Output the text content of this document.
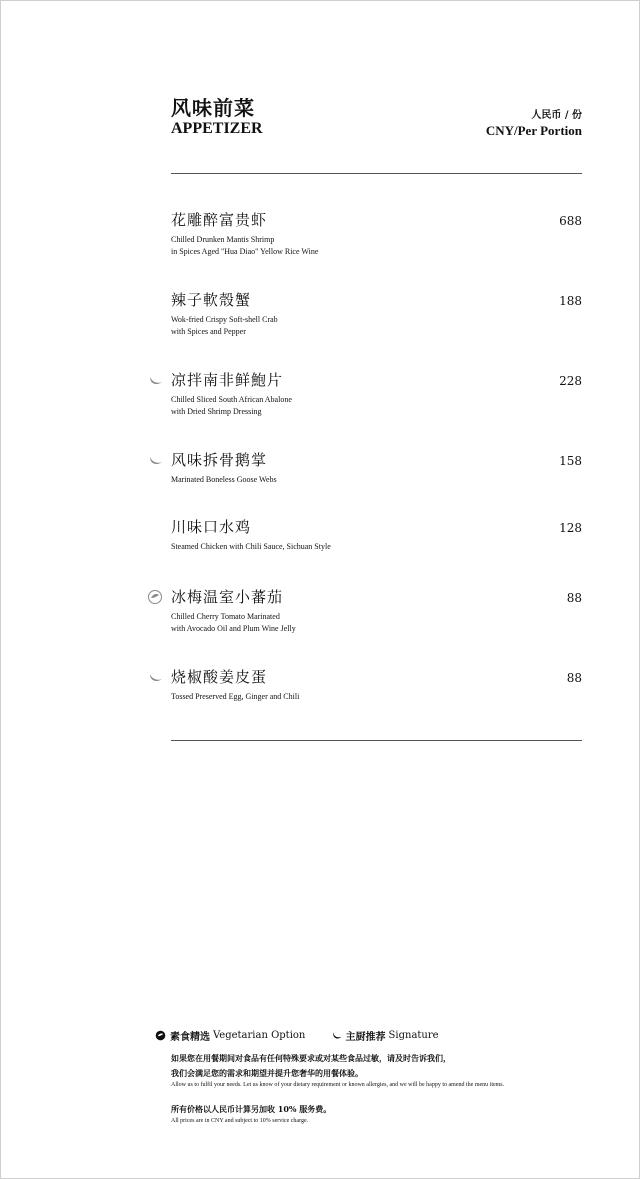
风味前菜
APPETIZER
人民币 / 份
CNY/Per Portion
花雕醉富贵虾
Chilled Drunken Mantis Shrimp
in Spices Aged "Hua Diao" Yellow Rice Wine
688
辣子軟殼蟹
Wok-fried Crispy Soft-shell Crab
with Spices and Pepper
188
凉拌南非鲜鮑片
Chilled Sliced South African Abalone
with Dried Shrimp Dressing
228
风味拆骨鹅掌
Marinated Boneless Goose Webs
158
川味口水鸡
Steamed Chicken with Chili Sauce, Sichuan Style
128
冰梅温室小蕃茄
Chilled Cherry Tomato Marinated
with Avocado Oil and Plum Wine Jelly
88
烧椒酸姜皮蛋
Tossed Preserved Egg, Ginger and Chili
88
素食精选 Vegetarian Option
	主厨推荐 Signature
如果您在用餐期间对食品有任何特殊要求或对某些食品过敏，请及时告诉我们，
我们会满足您的需求和期望并提升您奢华的用餐体验。
Allow us to fulfil your needs. Let us know of your dietary requirement or known allergies, and we will be happy to amend the menu items.
所有价格以人民币计算另加收 10% 服务费。
All prices are in CNY and subject to 10% service charge.
